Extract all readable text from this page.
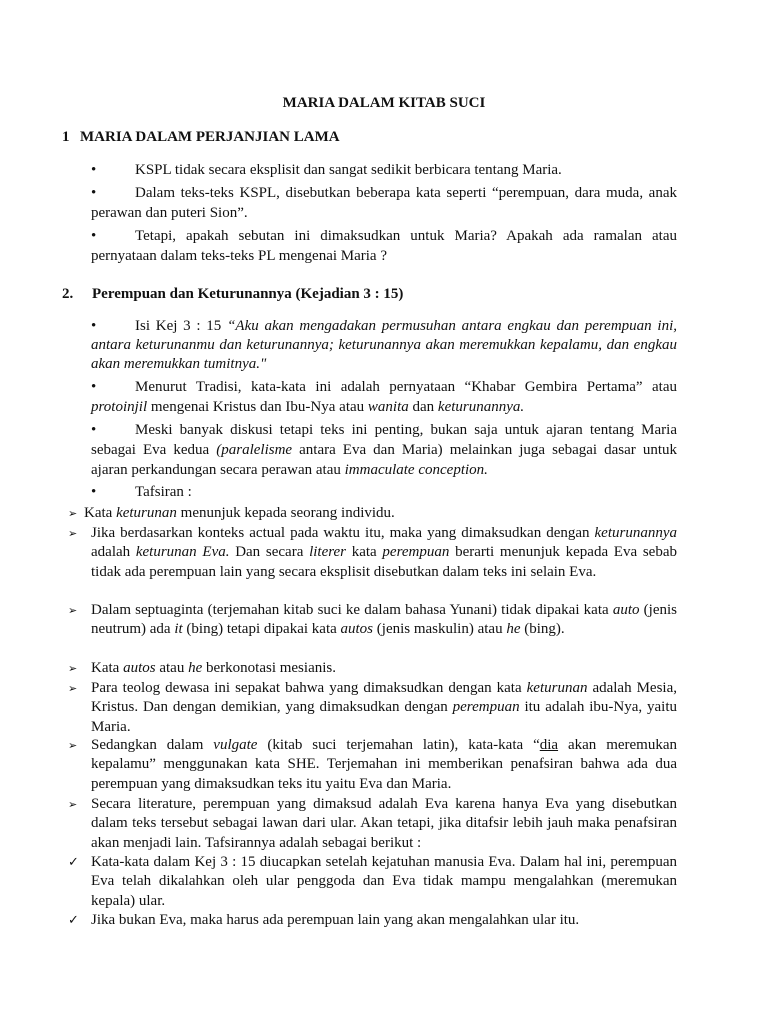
MARIA DALAM KITAB SUCI
1 MARIA DALAM PERJANJIAN LAMA
•	KSPL tidak secara eksplisit dan sangat sedikit berbicara tentang Maria.
•	Dalam teks-teks KSPL, disebutkan beberapa kata seperti “perempuan, dara muda, anak perawan dan puteri Sion”.
•	Tetapi, apakah sebutan ini dimaksudkan untuk Maria? Apakah ada ramalan atau pernyataan dalam teks-teks PL mengenai Maria ?
2. Perempuan dan Keturunannya (Kejadian 3 : 15)
•	Isi Kej 3 : 15 “Aku akan mengadakan permusuhan antara engkau dan perempuan ini, antara keturunanmu dan keturunannya; keturunannya akan meremukkan kepalamu, dan engkau akan meremukkan tumitnya."
•	Menurut Tradisi, kata-kata ini adalah pernyataan “Khabar Gembira Pertama” atau protoinjil mengenai Kristus dan Ibu-Nya atau wanita dan keturunannya.
•	Meski banyak diskusi tetapi teks ini penting, bukan saja untuk ajaran tentang Maria sebagai Eva kedua (paralelisme antara Eva dan Maria) melainkan juga sebagai dasar untuk ajaran perkandungan secara perawan atau immaculate conception.
•	Tafsiran :
➢ Kata keturunan menunjuk kepada seorang individu.
➢ Jika berdasarkan konteks actual pada waktu itu, maka yang dimaksudkan dengan keturunannya adalah keturunan Eva. Dan secara literer kata perempuan berarti menunjuk kepada Eva sebab tidak ada perempuan lain yang secara eksplisit disebutkan dalam teks ini selain Eva.
➢ Dalam septuaginta (terjemahan kitab suci ke dalam bahasa Yunani) tidak dipakai kata auto (jenis neutrum) ada it (bing) tetapi dipakai kata autos (jenis maskulin) atau he (bing).
➢ Kata autos atau he berkonotasi mesianis.
➢ Para teolog dewasa ini sepakat bahwa yang dimaksudkan dengan kata keturunan adalah Mesia, Kristus. Dan dengan demikian, yang dimaksudkan dengan perempuan itu adalah ibu-Nya, yaitu Maria.
➢ Sedangkan dalam vulgate (kitab suci terjemahan latin), kata-kata “dia akan meremukan kepalamu” menggunakan kata SHE. Terjemahan ini memberikan penafsiran bahwa ada dua perempuan yang dimaksudkan teks itu yaitu Eva dan Maria.
➢ Secara literature, perempuan yang dimaksud adalah Eva karena hanya Eva yang disebutkan dalam teks tersebut sebagai lawan dari ular. Akan tetapi, jika ditafsir lebih jauh maka penafsiran akan menjadi lain. Tafsirannya adalah sebagai berikut :
✓ Kata-kata dalam Kej 3 : 15 diucapkan setelah kejatuhan manusia Eva. Dalam hal ini, perempuan Eva telah dikalahkan oleh ular penggoda dan Eva tidak mampu mengalahkan (meremukan kepala) ular.
✓ Jika bukan Eva, maka harus ada perempuan lain yang akan mengalahkan ular itu.
